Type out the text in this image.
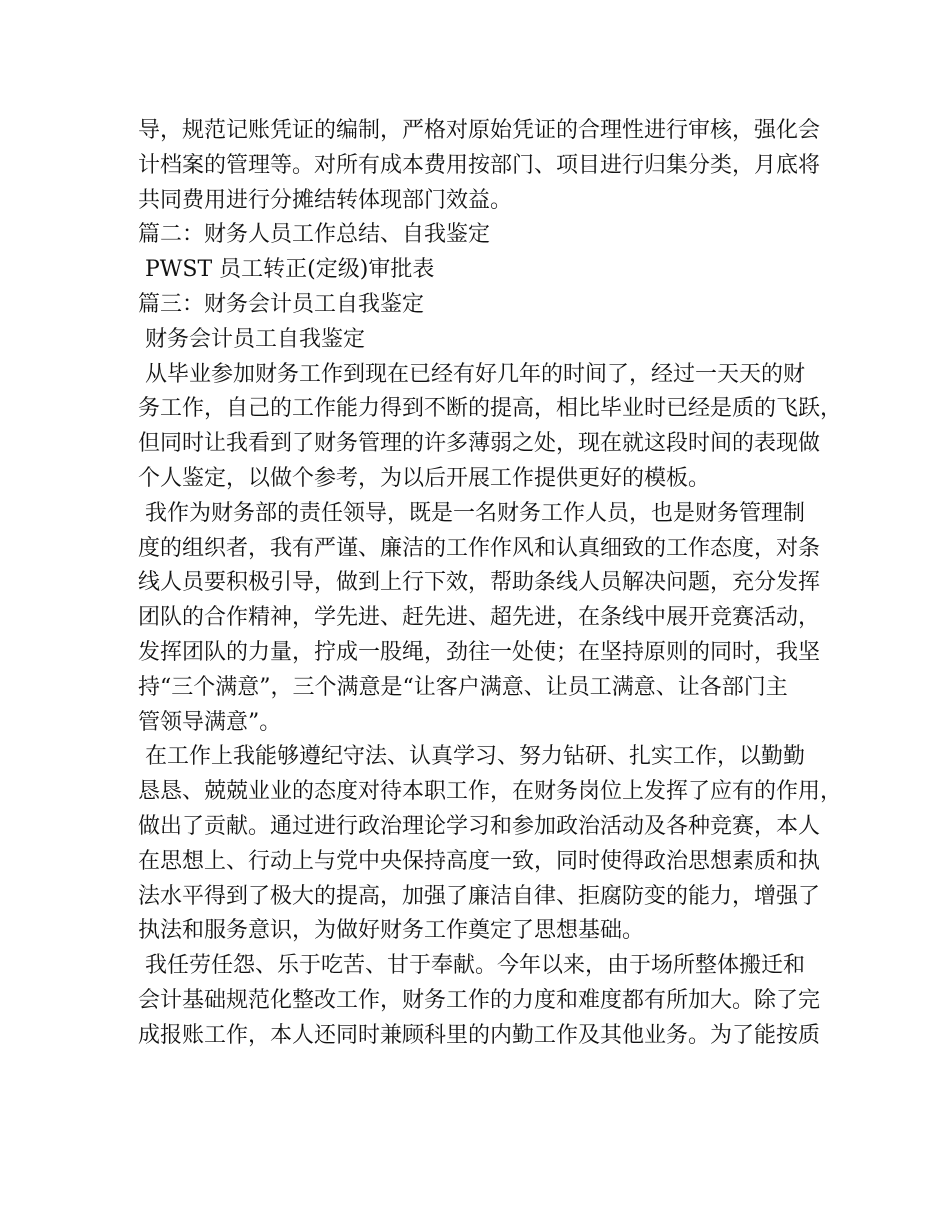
导，规范记账凭证的编制，严格对原始凭证的合理性进行审核，强化会
计档案的管理等。对所有成本费用按部门、项目进行归集分类，月底将
共同费用进行分摊结转体现部门效益。
篇二：财务人员工作总结、自我鉴定
PWST 员工转正(定级)审批表
篇三：财务会计员工自我鉴定
财务会计员工自我鉴定
从毕业参加财务工作到现在已经有好几年的时间了，经过一天天的财
务工作，自己的工作能力得到不断的提高，相比毕业时已经是质的飞跃，
但同时让我看到了财务管理的许多薄弱之处，现在就这段时间的表现做
个人鉴定，以做个参考，为以后开展工作提供更好的模板。
我作为财务部的责任领导，既是一名财务工作人员，也是财务管理制
度的组织者，我有严谨、廉洁的工作作风和认真细致的工作态度，对条
线人员要积极引导，做到上行下效，帮助条线人员解决问题，充分发挥
团队的合作精神，学先进、赶先进、超先进，在条线中展开竞赛活动，
发挥团队的力量，拧成一股绳，劲往一处使；在坚持原则的同时，我坚
持“三个满意”，三个满意是“让客户满意、让员工满意、让各部门主
管领导满意”。
在工作上我能够遵纪守法、认真学习、努力钻研、扎实工作，以勤勤
恳恳、兢兢业业的态度对待本职工作，在财务岗位上发挥了应有的作用，
做出了贡献。通过进行政治理论学习和参加政治活动及各种竞赛，本人
在思想上、行动上与党中央保持高度一致，同时使得政治思想素质和执
法水平得到了极大的提高，加强了廉洁自律、拒腐防变的能力，增强了
执法和服务意识，为做好财务工作奠定了思想基础。
我任劳任怨、乐于吃苦、甘于奉献。今年以来，由于场所整体搬迁和
会计基础规范化整改工作，财务工作的力度和难度都有所加大。除了完
成报账工作，本人还同时兼顾科里的内勤工作及其他业务。为了能按质
